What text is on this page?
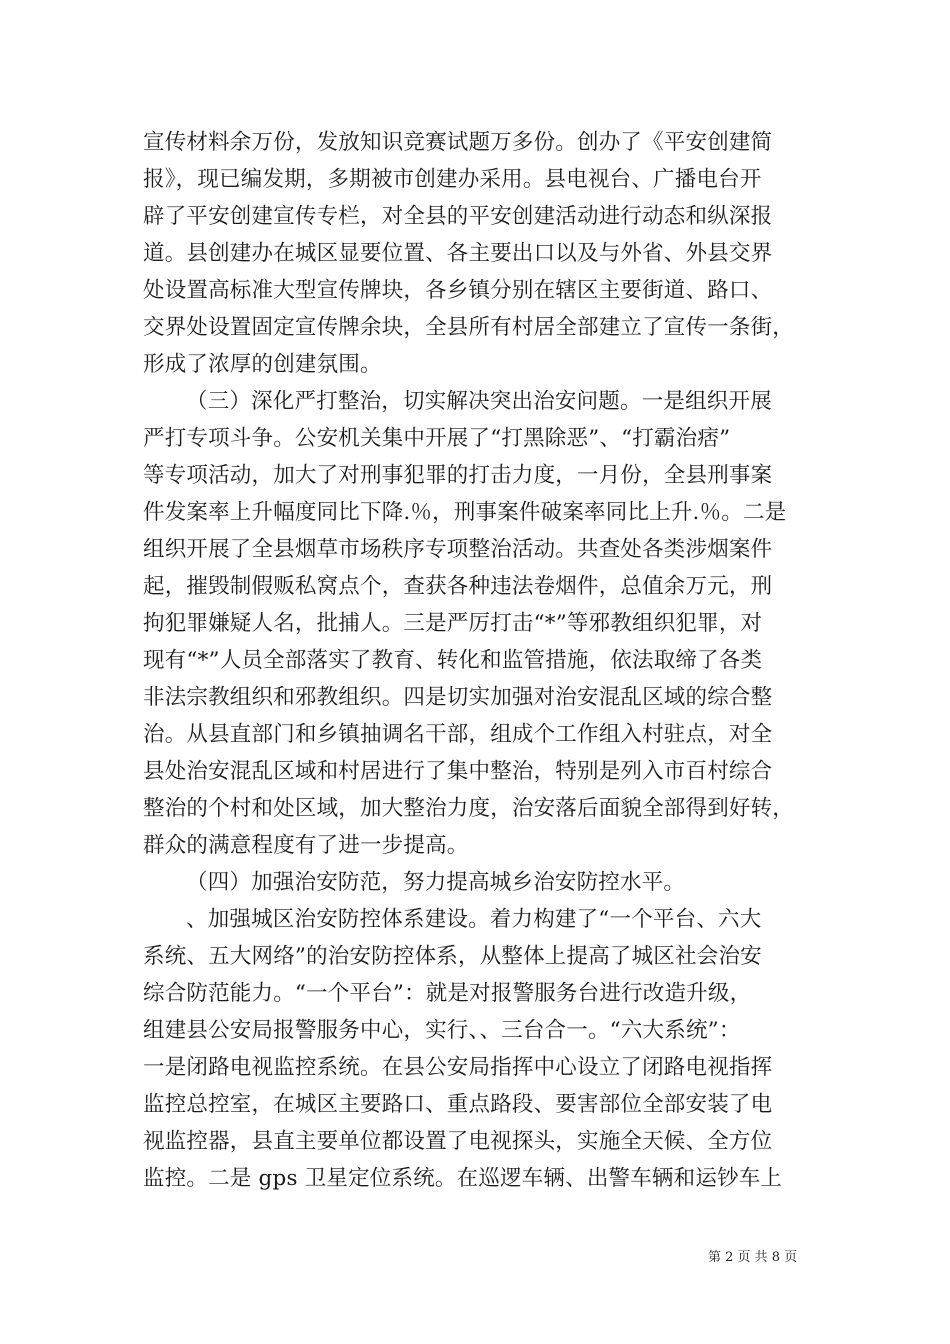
宣传材料余万份，发放知识竞赛试题万多份。创办了《平安创建简
报》，现已编发期，多期被市创建办采用。县电视台、广播电台开
辟了平安创建宣传专栏，对全县的平安创建活动进行动态和纵深报
道。县创建办在城区显要位置、各主要出口以及与外省、外县交界
处设置高标准大型宣传牌块，各乡镇分别在辖区主要街道、路口、
交界处设置固定宣传牌余块，全县所有村居全部建立了宣传一条街，
形成了浓厚的创建氛围。
（三）深化严打整治，切实解决突出治安问题。一是组织开展
严打专项斗争。公安机关集中开展了“打黑除恶”、“打霸治痞”
等专项活动，加大了对刑事犯罪的打击力度，一月份，全县刑事案
件发案率上升幅度同比下降.％，刑事案件破案率同比上升.％。二是
组织开展了全县烟草市场秩序专项整治活动。共查处各类涉烟案件
起，摧毁制假贩私窝点个，查获各种违法卷烟件，总值余万元，刑
拘犯罪嫌疑人名，批捕人。三是严厉打击“*”等邪教组织犯罪，对
现有“*”人员全部落实了教育、转化和监管措施，依法取缔了各类
非法宗教组织和邪教组织。四是切实加强对治安混乱区域的综合整
治。从县直部门和乡镇抽调名干部，组成个工作组入村驻点，对全
县处治安混乱区域和村居进行了集中整治，特别是列入市百村综合
整治的个村和处区域，加大整治力度，治安落后面貌全部得到好转，
群众的满意程度有了进一步提高。
（四）加强治安防范，努力提高城乡治安防控水平。
、加强城区治安防控体系建设。着力构建了“一个平台、六大
系统、五大网络”的治安防控体系，从整体上提高了城区社会治安
综合防范能力。“一个平台”：就是对报警服务台进行改造升级，
组建县公安局报警服务中心，实行、、三台合一。“六大系统”：
一是闭路电视监控系统。在县公安局指挥中心设立了闭路电视指挥
监控总控室，在城区主要路口、重点路段、要害部位全部安装了电
视监控器，县直主要单位都设置了电视探头，实施全天候、全方位
监控。二是 gps 卫星定位系统。在巡逻车辆、出警车辆和运钞车上
第 2 页 共 8 页
